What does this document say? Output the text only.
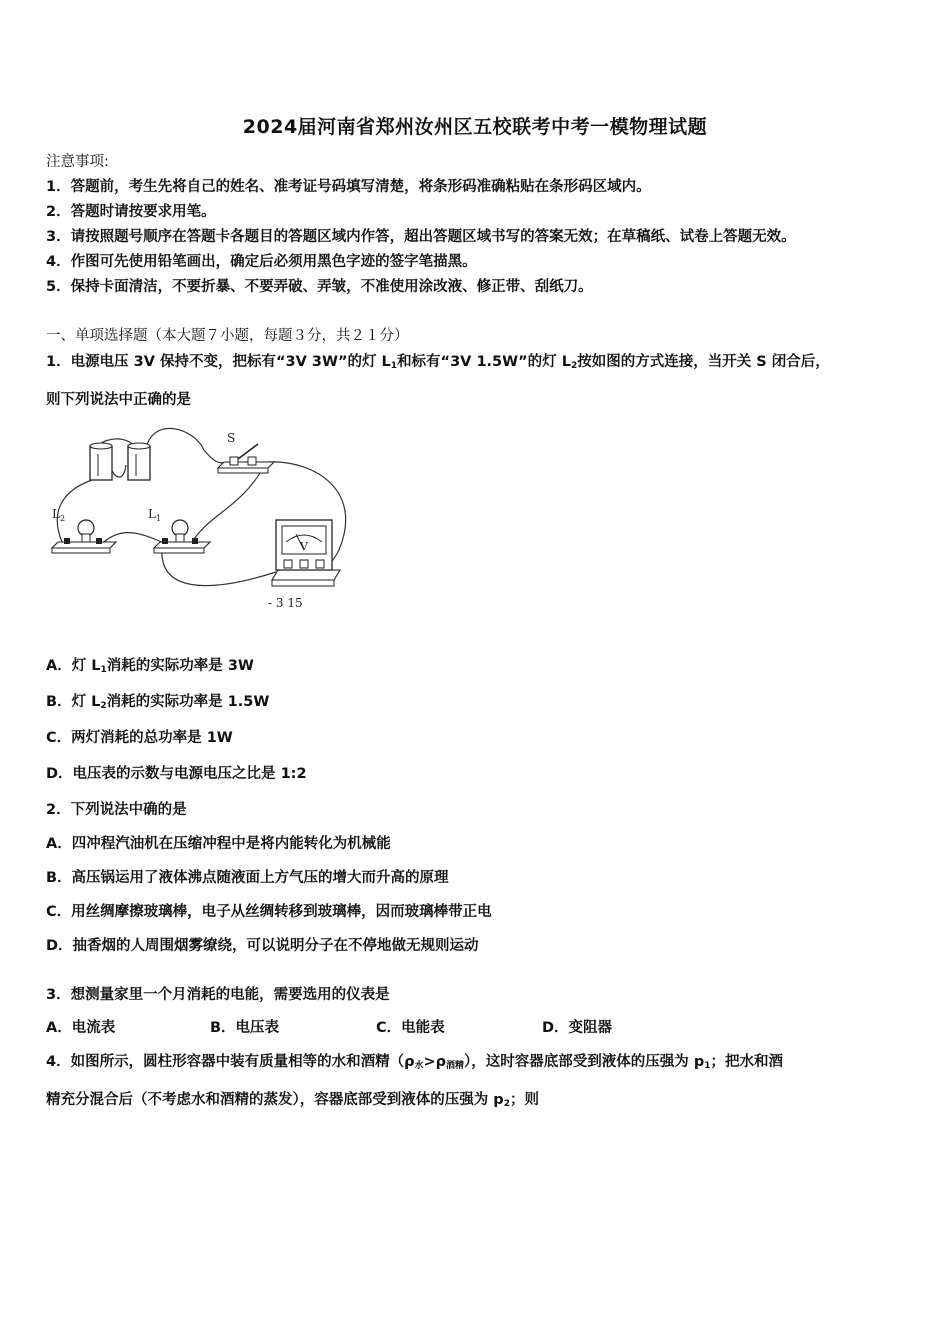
2024届河南省郑州汝州区五校联考中考一模物理试题
注意事项:
1．答题前，考生先将自己的姓名、准考证号码填写清楚，将条形码准确粘贴在条形码区域内。
2．答题时请按要求用笔。
3．请按照题号顺序在答题卡各题目的答题区域内作答，超出答题区域书写的答案无效；在草稿纸、试卷上答题无效。
4．作图可先使用铅笔画出，确定后必须用黑色字迹的签字笔描黑。
5．保持卡面清洁，不要折暴、不要弄破、弄皱，不准使用涂改液、修正带、刮纸刀。
一、单项选择题（本大题７小题，每题３分，共２１分）
1．电源电压 3V 保持不变，把标有“3V 3W”的灯 $L_1$和标有“3V 1.5W”的灯 $L_2$按如图的方式连接，当开关 S 闭合后，
则下列说法中正确的是
S
$L_2$	$L_1$
V
- 3 15
A．灯 $L_1$消耗的实际功率是 3W
B．灯 $L_2$消耗的实际功率是 1.5W
C．两灯消耗的总功率是 1W
D．电压表的示数与电源电压之比是 1:2
2．下列说法中确的是
A．四冲程汽油机在压缩冲程中是将内能转化为机械能
B．高压锅运用了液体沸点随液面上方气压的增大而升高的原理
C．用丝绸摩擦玻璃棒，电子从丝绸转移到玻璃棒，因而玻璃棒带正电
D．抽香烟的人周围烟雾缭绕，可以说明分子在不停地做无规则运动
3．想测量家里一个月消耗的电能，需要选用的仪表是
A．电流表	B．电压表	C．电能表	D．变阻器
4．如图所示，圆柱形容器中装有质量相等的水和酒精$(\rho_水>\rho_{酒精})$，这时容器底部受到液体的压强为 $p_1$；把水和酒
精充分混合后（不考虑水和酒精的蒸发），容器底部受到液体的压强为 $p_2$；则
